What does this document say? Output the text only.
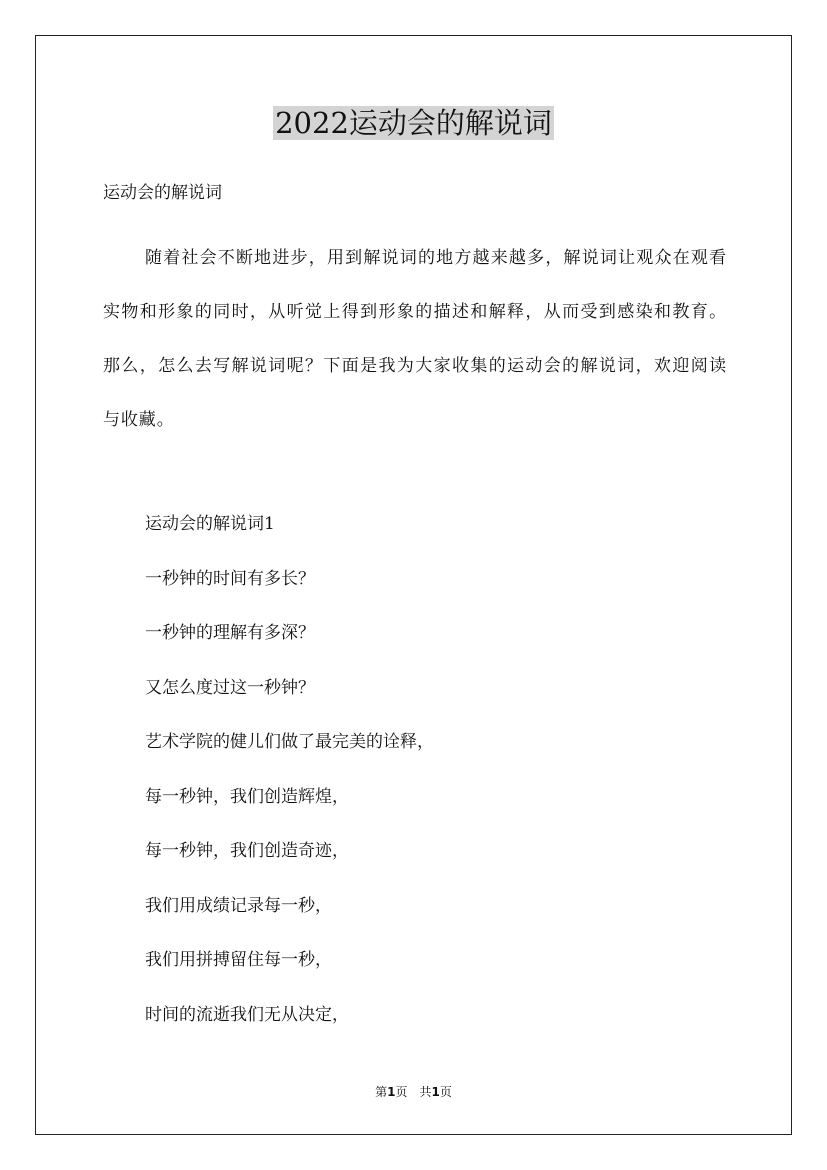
2022运动会的解说词

运动会的解说词

随着社会不断地进步，用到解说词的地方越来越多，解说词让观众在观看实物和形象的同时，从听觉上得到形象的描述和解释，从而受到感染和教育。那么，怎么去写解说词呢？下面是我为大家收集的运动会的解说词，欢迎阅读与收藏。

运动会的解说词1
一秒钟的时间有多长？
一秒钟的理解有多深？
又怎么度过这一秒钟？
艺术学院的健儿们做了最完美的诠释，
每一秒钟，我们创造辉煌，
每一秒钟，我们创造奇迹，
我们用成绩记录每一秒，
我们用拼搏留住每一秒，
时间的流逝我们无从决定，
第1页 共1页
